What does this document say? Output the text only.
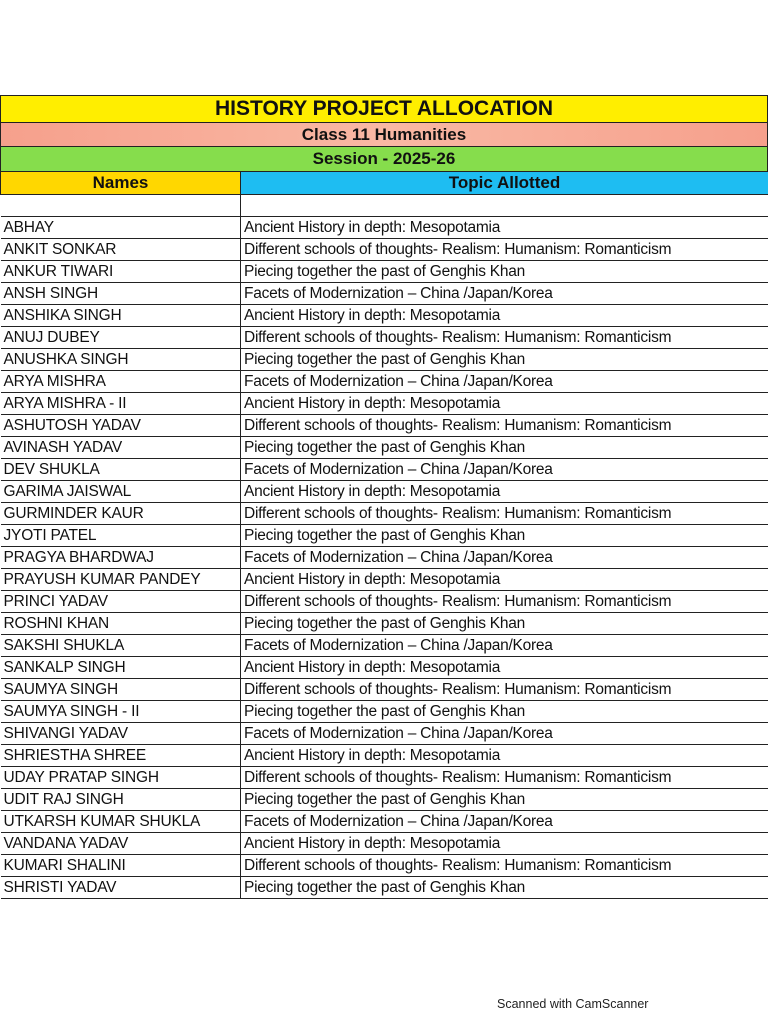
HISTORY PROJECT ALLOCATION
Class 11 Humanities
Session - 2025-26
Names	Topic Allotted

ABHAY	Ancient History in depth: Mesopotamia
ANKIT SONKAR	Different schools of thoughts- Realism: Humanism: Romanticism
ANKUR TIWARI	Piecing together the past of Genghis Khan
ANSH SINGH	Facets of Modernization – China /Japan/Korea
ANSHIKA SINGH	Ancient History in depth: Mesopotamia
ANUJ DUBEY	Different schools of thoughts- Realism: Humanism: Romanticism
ANUSHKA SINGH	Piecing together the past of Genghis Khan
ARYA MISHRA	Facets of Modernization – China /Japan/Korea
ARYA MISHRA - II	Ancient History in depth: Mesopotamia
ASHUTOSH YADAV	Different schools of thoughts- Realism: Humanism: Romanticism
AVINASH YADAV	Piecing together the past of Genghis Khan
DEV SHUKLA	Facets of Modernization – China /Japan/Korea
GARIMA JAISWAL	Ancient History in depth: Mesopotamia
GURMINDER KAUR	Different schools of thoughts- Realism: Humanism: Romanticism
JYOTI PATEL	Piecing together the past of Genghis Khan
PRAGYA BHARDWAJ	Facets of Modernization – China /Japan/Korea
PRAYUSH KUMAR PANDEY	Ancient History in depth: Mesopotamia
PRINCI YADAV	Different schools of thoughts- Realism: Humanism: Romanticism
ROSHNI KHAN	Piecing together the past of Genghis Khan
SAKSHI SHUKLA	Facets of Modernization – China /Japan/Korea
SANKALP SINGH	Ancient History in depth: Mesopotamia
SAUMYA SINGH	Different schools of thoughts- Realism: Humanism: Romanticism
SAUMYA SINGH - II	Piecing together the past of Genghis Khan
SHIVANGI YADAV	Facets of Modernization – China /Japan/Korea
SHRIESTHA SHREE	Ancient History in depth: Mesopotamia
UDAY PRATAP SINGH	Different schools of thoughts- Realism: Humanism: Romanticism
UDIT RAJ SINGH	Piecing together the past of Genghis Khan
UTKARSH KUMAR SHUKLA	Facets of Modernization – China /Japan/Korea
VANDANA YADAV	Ancient History in depth: Mesopotamia
KUMARI SHALINI	Different schools of thoughts- Realism: Humanism: Romanticism
SHRISTI YADAV	Piecing together the past of Genghis Khan
Scanned with CamScanner
